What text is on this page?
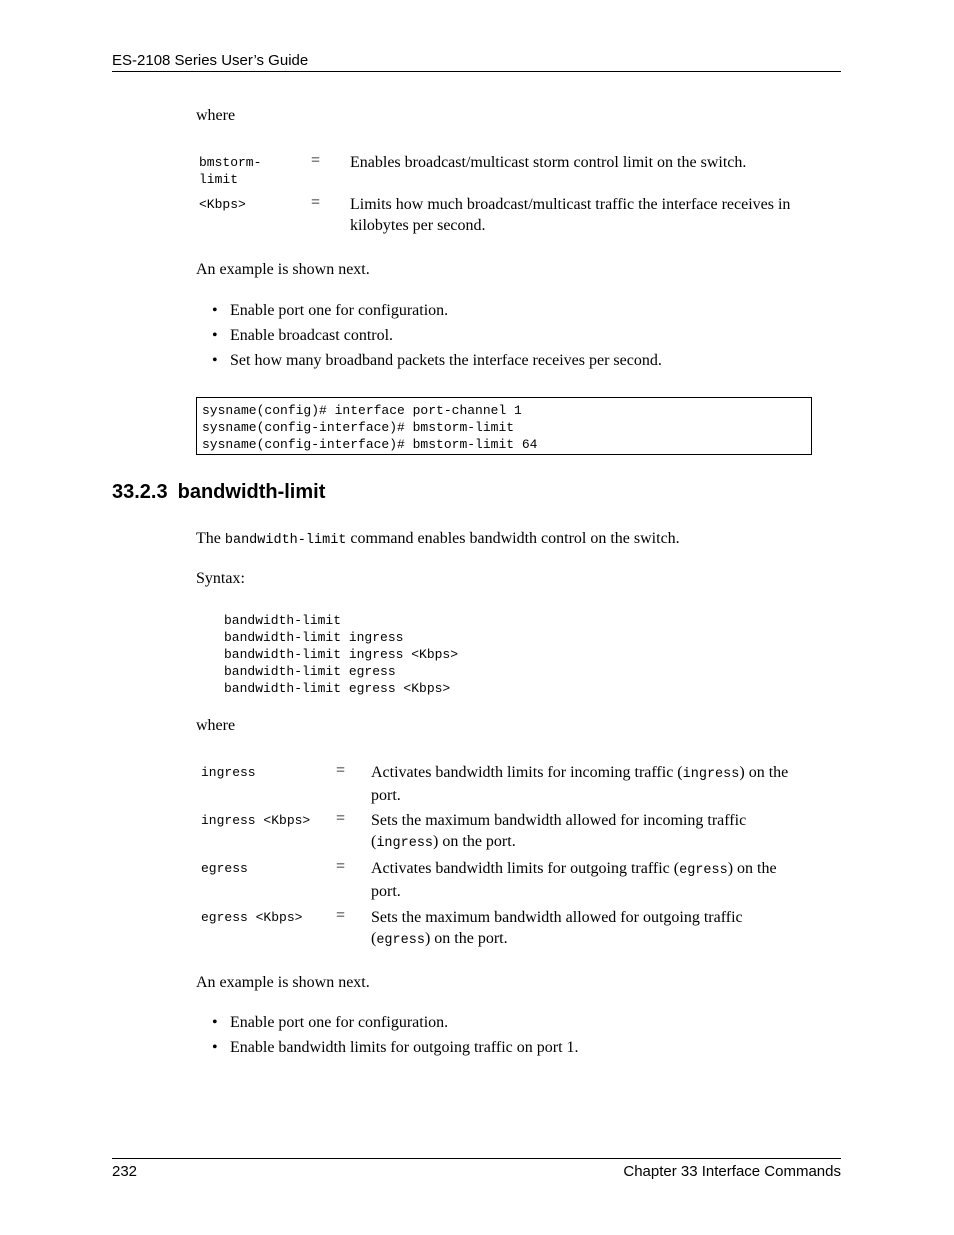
ES-2108 Series User’s Guide
where
bmstorm-
limit
= Enables broadcast/multicast storm control limit on the switch.
<Kbps>	= Limits how much broadcast/multicast traffic the interface receives in
kilobytes per second.
An example is shown next.
• Enable port one for configuration.
• Enable broadcast control.
• Set how many broadband packets the interface receives per second.
sysname(config)# interface port-channel 1
sysname(config-interface)# bmstorm-limit
sysname(config-interface)# bmstorm-limit 64
33.2.3 bandwidth-limit
The bandwidth-limit command enables bandwidth control on the switch.
Syntax:
bandwidth-limit
bandwidth-limit ingress
bandwidth-limit ingress <Kbps>
bandwidth-limit egress
bandwidth-limit egress <Kbps>
where
ingress	= Activates bandwidth limits for incoming traffic (ingress) on the
port.
ingress <Kbps> = Sets the maximum bandwidth allowed for incoming traffic
(ingress) on the port.
egress	= Activates bandwidth limits for outgoing traffic (egress) on the
port.
egress <Kbps> = Sets the maximum bandwidth allowed for outgoing traffic
(egress) on the port.
An example is shown next.
• Enable port one for configuration.
• Enable bandwidth limits for outgoing traffic on port 1.
232	Chapter 33 Interface Commands
